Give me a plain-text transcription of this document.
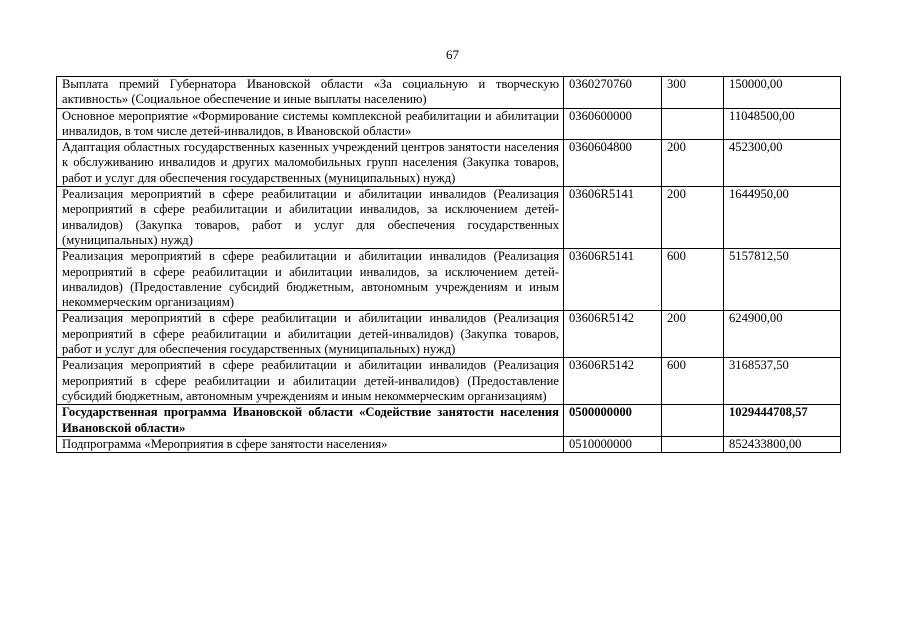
67
Выплата премий Губернатора Ивановской области «За социальную и творческую активность» (Социальное обеспечение и иные выплаты населению)	0360270760	300	150000,00
Основное мероприятие «Формирование системы комплексной реабилитации и абилитации инвалидов, в том числе детей-инвалидов, в Ивановской области»	0360600000		11048500,00
Адаптация областных государственных казенных учреждений центров занятости населения к обслуживанию инвалидов и других маломобильных групп населения (Закупка товаров, работ и услуг для обеспечения государственных (муниципальных) нужд)	0360604800	200	452300,00
Реализация мероприятий в сфере реабилитации и абилитации инвалидов (Реализация мероприятий в сфере реабилитации и абилитации инвалидов, за исключением детей-инвалидов) (Закупка товаров, работ и услуг для обеспечения государственных (муниципальных) нужд)	03606R5141	200	1644950,00
Реализация мероприятий в сфере реабилитации и абилитации инвалидов (Реализация мероприятий в сфере реабилитации и абилитации инвалидов, за исключением детей-инвалидов) (Предоставление субсидий бюджетным, автономным учреждениям и иным некоммерческим организациям)	03606R5141	600	5157812,50
Реализация мероприятий в сфере реабилитации и абилитации инвалидов (Реализация мероприятий в сфере реабилитации и абилитации детей-инвалидов) (Закупка товаров, работ и услуг для обеспечения государственных (муниципальных) нужд)	03606R5142	200	624900,00
Реализация мероприятий в сфере реабилитации и абилитации инвалидов (Реализация мероприятий в сфере реабилитации и абилитации детей-инвалидов) (Предоставление субсидий бюджетным, автономным учреждениям и иным некоммерческим организациям)	03606R5142	600	3168537,50
Государственная программа Ивановской области «Содействие занятости населения Ивановской области»	0500000000		1029444708,57
Подпрограмма «Мероприятия в сфере занятости населения»	0510000000		852433800,00
